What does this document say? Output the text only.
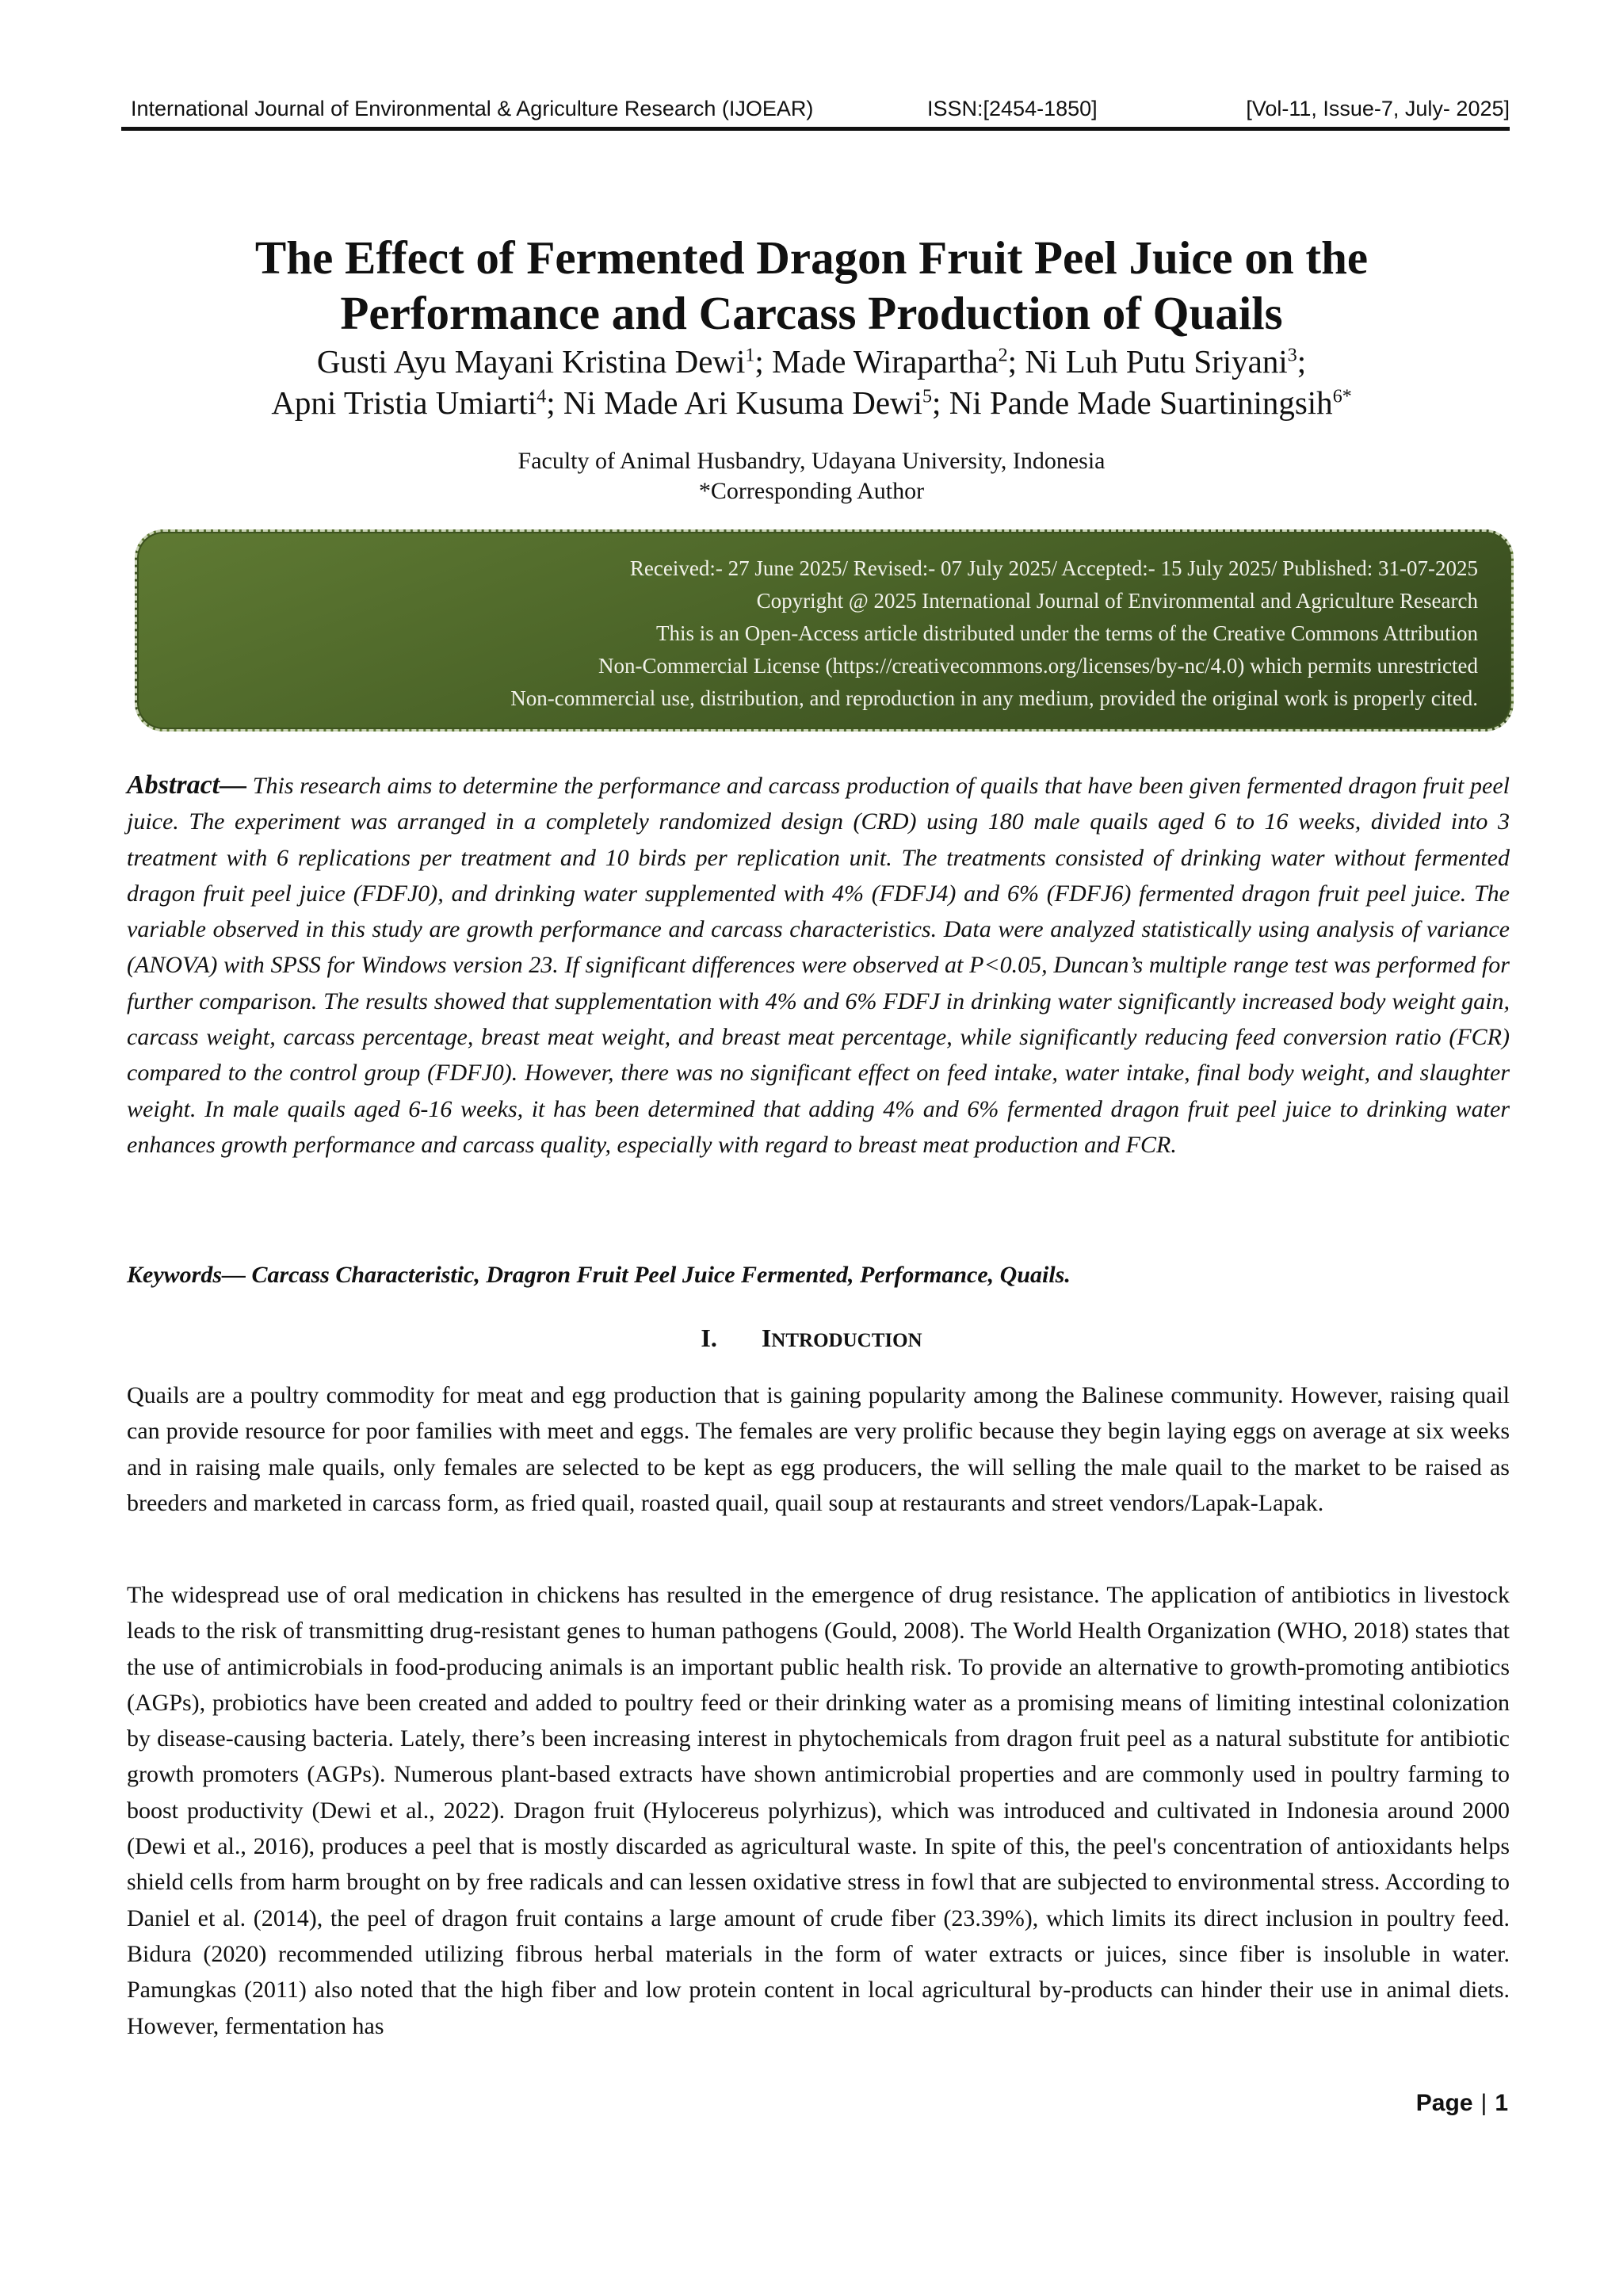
International Journal of Environmental & Agriculture Research (IJOEAR)	ISSN:[2454-1850]	[Vol-11, Issue-7, July- 2025]
The Effect of Fermented Dragon Fruit Peel Juice on the
Performance and Carcass Production of Quails
Gusti Ayu Mayani Kristina Dewi$^1$; Made Wirapartha$^2$; Ni Luh Putu Sriyani$^3$;
Apni Tristia Umiarti$^4$; Ni Made Ari Kusuma Dewi$^5$; Ni Pande Made Suartiningsih$^{6*}$
Faculty of Animal Husbandry, Udayana University, Indonesia
*Corresponding Author
Received:- 27 June 2025/ Revised:- 07 July 2025/ Accepted:- 15 July 2025/ Published: 31-07-2025
Copyright @ 2025 International Journal of Environmental and Agriculture Research
This is an Open-Access article distributed under the terms of the Creative Commons Attribution
Non-Commercial License (https://creativecommons.org/licenses/by-nc/4.0) which permits unrestricted
Non-commercial use, distribution, and reproduction in any medium, provided the original work is properly cited.
Abstract— This research aims to determine the performance and carcass production of quails that have been given fermented dragon fruit peel juice. The experiment was arranged in a completely randomized design (CRD) using 180 male quails aged 6 to 16 weeks, divided into 3 treatment with 6 replications per treatment and 10 birds per replication unit. The treatments consisted of drinking water without fermented dragon fruit peel juice (FDFJ0), and drinking water supplemented with 4% (FDFJ4) and 6% (FDFJ6) fermented dragon fruit peel juice. The variable observed in this study are growth performance and carcass characteristics. Data were analyzed statistically using analysis of variance (ANOVA) with SPSS for Windows version 23. If significant differences were observed at P<0.05, Duncan’s multiple range test was performed for further comparison. The results showed that supplementation with 4% and 6% FDFJ in drinking water significantly increased body weight gain, carcass weight, carcass percentage, breast meat weight, and breast meat percentage, while significantly reducing feed conversion ratio (FCR) compared to the control group (FDFJ0). However, there was no significant effect on feed intake, water intake, final body weight, and slaughter weight. In male quails aged 6-16 weeks, it has been determined that adding 4% and 6% fermented dragon fruit peel juice to drinking water enhances growth performance and carcass quality, especially with regard to breast meat production and FCR.
Keywords— Carcass Characteristic, Dragron Fruit Peel Juice Fermented, Performance, Quails.
I. INTRODUCTION
Quails are a poultry commodity for meat and egg production that is gaining popularity among the Balinese community. However, raising quail can provide resource for poor families with meet and eggs. The females are very prolific because they begin laying eggs on average at six weeks and in raising male quails, only females are selected to be kept as egg producers, the will selling the male quail to the market to be raised as breeders and marketed in carcass form, as fried quail, roasted quail, quail soup at restaurants and street vendors/Lapak-Lapak.
The widespread use of oral medication in chickens has resulted in the emergence of drug resistance. The application of antibiotics in livestock leads to the risk of transmitting drug-resistant genes to human pathogens (Gould, 2008). The World Health Organization (WHO, 2018) states that the use of antimicrobials in food-producing animals is an important public health risk. To provide an alternative to growth-promoting antibiotics (AGPs), probiotics have been created and added to poultry feed or their drinking water as a promising means of limiting intestinal colonization by disease-causing bacteria. Lately, there’s been increasing interest in phytochemicals from dragon fruit peel as a natural substitute for antibiotic growth promoters (AGPs). Numerous plant-based extracts have shown antimicrobial properties and are commonly used in poultry farming to boost productivity (Dewi et al., 2022). Dragon fruit (Hylocereus polyrhizus), which was introduced and cultivated in Indonesia around 2000 (Dewi et al., 2016), produces a peel that is mostly discarded as agricultural waste. In spite of this, the peel's concentration of antioxidants helps shield cells from harm brought on by free radicals and can lessen oxidative stress in fowl that are subjected to environmental stress. According to Daniel et al. (2014), the peel of dragon fruit contains a large amount of crude fiber (23.39%), which limits its direct inclusion in poultry feed. Bidura (2020) recommended utilizing fibrous herbal materials in the form of water extracts or juices, since fiber is insoluble in water. Pamungkas (2011) also noted that the high fiber and low protein content in local agricultural by-products can hinder their use in animal diets. However, fermentation has
Page | 1
